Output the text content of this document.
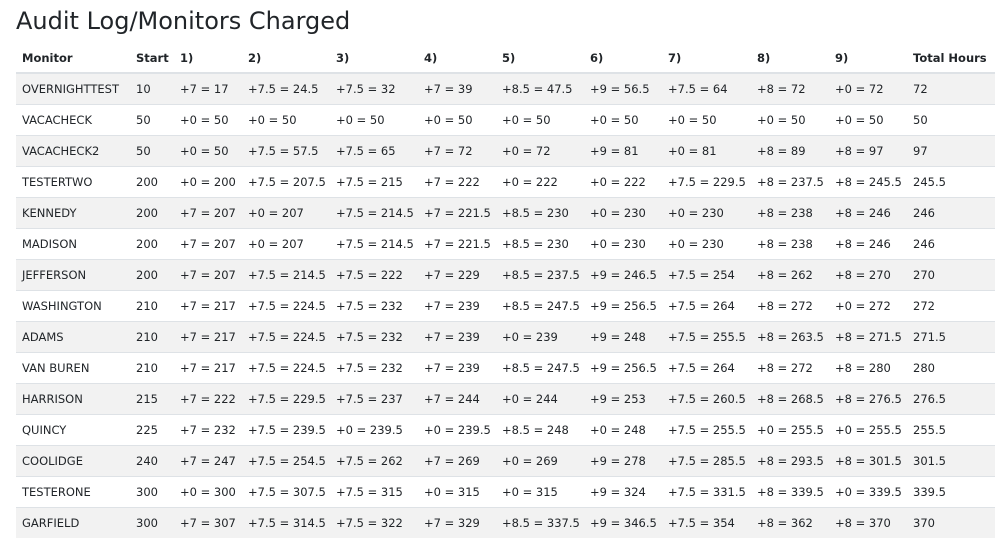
Audit Log/Monitors Charged
Monitor	Start	1)	2)	3)	4)	5)	6)	7)	8)	9)	Total Hours
OVERNIGHTTEST	10	+7 = 17	+7.5 = 24.5	+7.5 = 32	+7 = 39	+8.5 = 47.5	+9 = 56.5	+7.5 = 64	+8 = 72	+0 = 72	72
VACACHECK	50	+0 = 50	+0 = 50	+0 = 50	+0 = 50	+0 = 50	+0 = 50	+0 = 50	+0 = 50	+0 = 50	50
VACACHECK2	50	+0 = 50	+7.5 = 57.5	+7.5 = 65	+7 = 72	+0 = 72	+9 = 81	+0 = 81	+8 = 89	+8 = 97	97
TESTERTWO	200	+0 = 200	+7.5 = 207.5	+7.5 = 215	+7 = 222	+0 = 222	+0 = 222	+7.5 = 229.5	+8 = 237.5	+8 = 245.5	245.5
KENNEDY	200	+7 = 207	+0 = 207	+7.5 = 214.5	+7 = 221.5	+8.5 = 230	+0 = 230	+0 = 230	+8 = 238	+8 = 246	246
MADISON	200	+7 = 207	+0 = 207	+7.5 = 214.5	+7 = 221.5	+8.5 = 230	+0 = 230	+0 = 230	+8 = 238	+8 = 246	246
JEFFERSON	200	+7 = 207	+7.5 = 214.5	+7.5 = 222	+7 = 229	+8.5 = 237.5	+9 = 246.5	+7.5 = 254	+8 = 262	+8 = 270	270
WASHINGTON	210	+7 = 217	+7.5 = 224.5	+7.5 = 232	+7 = 239	+8.5 = 247.5	+9 = 256.5	+7.5 = 264	+8 = 272	+0 = 272	272
ADAMS	210	+7 = 217	+7.5 = 224.5	+7.5 = 232	+7 = 239	+0 = 239	+9 = 248	+7.5 = 255.5	+8 = 263.5	+8 = 271.5	271.5
VAN BUREN	210	+7 = 217	+7.5 = 224.5	+7.5 = 232	+7 = 239	+8.5 = 247.5	+9 = 256.5	+7.5 = 264	+8 = 272	+8 = 280	280
HARRISON	215	+7 = 222	+7.5 = 229.5	+7.5 = 237	+7 = 244	+0 = 244	+9 = 253	+7.5 = 260.5	+8 = 268.5	+8 = 276.5	276.5
QUINCY	225	+7 = 232	+7.5 = 239.5	+0 = 239.5	+0 = 239.5	+8.5 = 248	+0 = 248	+7.5 = 255.5	+0 = 255.5	+0 = 255.5	255.5
COOLIDGE	240	+7 = 247	+7.5 = 254.5	+7.5 = 262	+7 = 269	+0 = 269	+9 = 278	+7.5 = 285.5	+8 = 293.5	+8 = 301.5	301.5
TESTERONE	300	+0 = 300	+7.5 = 307.5	+7.5 = 315	+0 = 315	+0 = 315	+9 = 324	+7.5 = 331.5	+8 = 339.5	+0 = 339.5	339.5
GARFIELD	300	+7 = 307	+7.5 = 314.5	+7.5 = 322	+7 = 329	+8.5 = 337.5	+9 = 346.5	+7.5 = 354	+8 = 362	+8 = 370	370
